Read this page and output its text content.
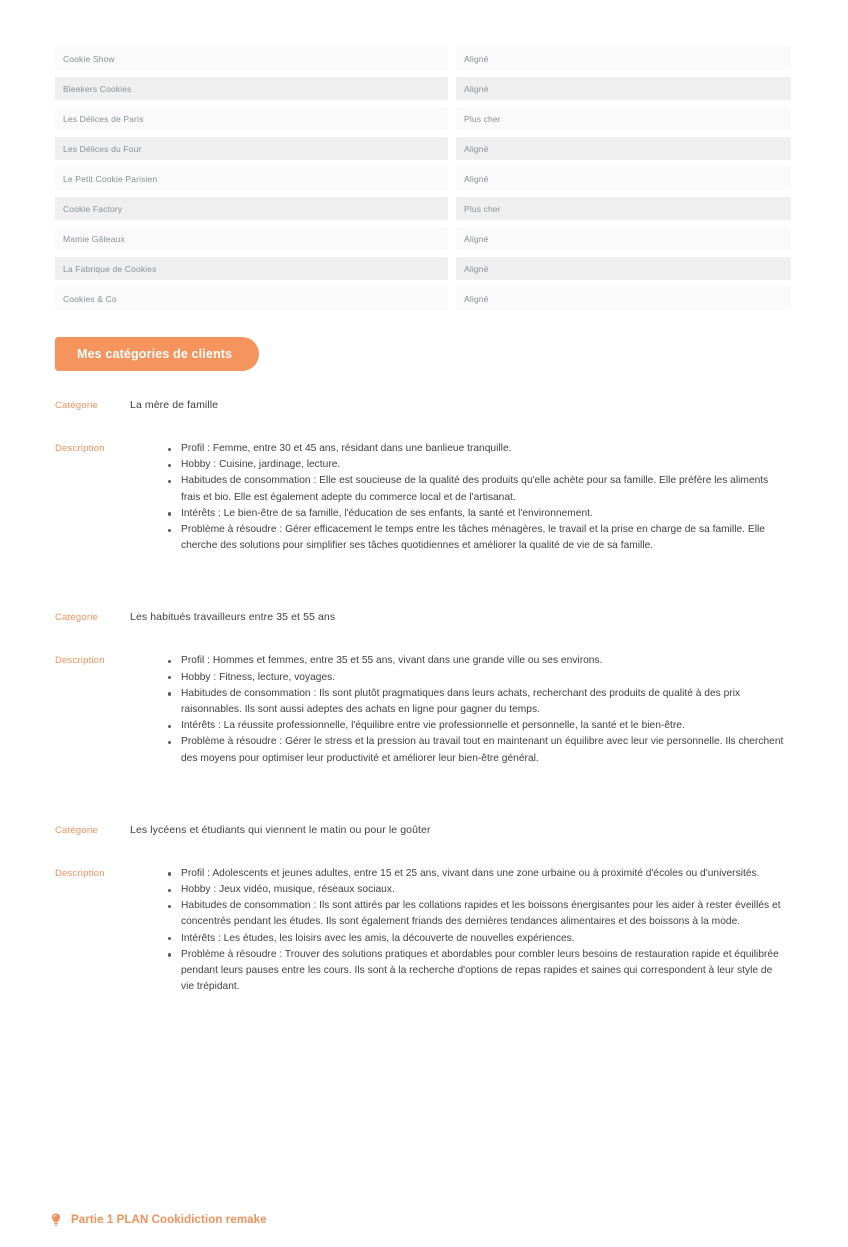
Cookie Show	Aligné
Bleekers Cookies	Aligné
Les Délices de Paris	Plus cher
Les Délices du Four	Aligné
Le Petit Cookie Parisien	Aligné
Cookie Factory	Plus cher
Mamie Gâteaux	Aligné
La Fabrique de Cookies	Aligné
Cookies & Co	Aligné
Mes catégories de clients
Catégorie	La mère de famille
Description	Profil : Femme, entre 30 et 45 ans, résidant dans une banlieue tranquille.
Hobby : Cuisine, jardinage, lecture.
Habitudes de consommation : Elle est soucieuse de la qualité des produits qu'elle achète pour sa famille. Elle préfère les aliments frais et bio. Elle est également adepte du commerce local et de l'artisanat.
Intérêts : Le bien-être de sa famille, l'éducation de ses enfants, la santé et l'environnement.
Problème à résoudre : Gérer efficacement le temps entre les tâches ménagères, le travail et la prise en charge de sa famille. Elle cherche des solutions pour simplifier ses tâches quotidiennes et améliorer la qualité de vie de sa famille.
Catégorie	Les habitués travailleurs entre 35 et 55 ans
Description	Profil : Hommes et femmes, entre 35 et 55 ans, vivant dans une grande ville ou ses environs.
Hobby : Fitness, lecture, voyages.
Habitudes de consommation : Ils sont plutôt pragmatiques dans leurs achats, recherchant des produits de qualité à des prix raisonnables. Ils sont aussi adeptes des achats en ligne pour gagner du temps.
Intérêts : La réussite professionnelle, l'équilibre entre vie professionnelle et personnelle, la santé et le bien-être.
Problème à résoudre : Gérer le stress et la pression au travail tout en maintenant un équilibre avec leur vie personnelle. Ils cherchent des moyens pour optimiser leur productivité et améliorer leur bien-être général.
Catégorie	Les lycéens et étudiants qui viennent le matin ou pour le goûter
Description	Profil : Adolescents et jeunes adultes, entre 15 et 25 ans, vivant dans une zone urbaine ou à proximité d'écoles ou d'universités.
Hobby : Jeux vidéo, musique, réseaux sociaux.
Habitudes de consommation : Ils sont attirés par les collations rapides et les boissons énergisantes pour les aider à rester éveillés et concentrés pendant les études. Ils sont également friands des dernières tendances alimentaires et des boissons à la mode.
Intérêts : Les études, les loisirs avec les amis, la découverte de nouvelles expériences.
Problème à résoudre : Trouver des solutions pratiques et abordables pour combler leurs besoins de restauration rapide et équilibrée pendant leurs pauses entre les cours. Ils sont à la recherche d'options de repas rapides et saines qui correspondent à leur style de vie trépidant.
Partie 1 PLAN Cookidiction remake
